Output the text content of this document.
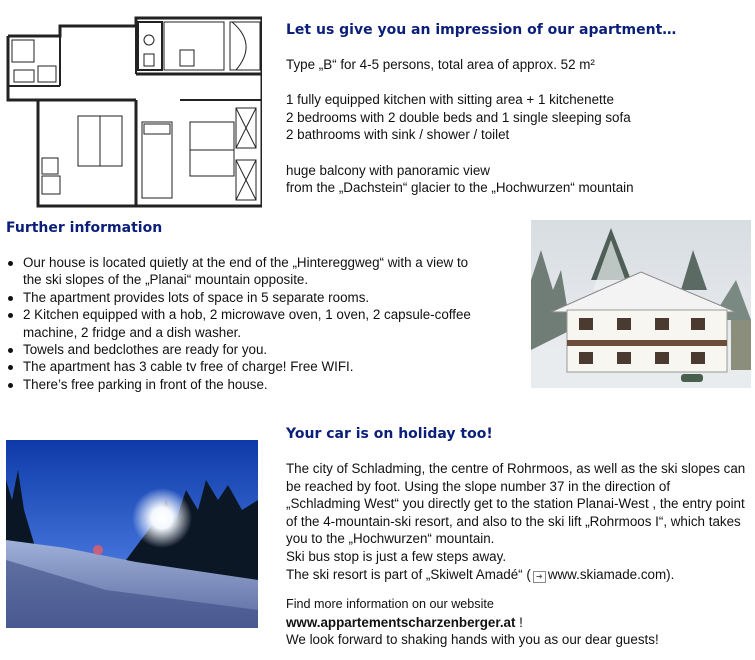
Let us give you an impression of our apartment…

Type „B“ for 4-5 persons, total area of approx. 52 m²

1 fully equipped kitchen with sitting area + 1 kitchenette

2 bedrooms with 2 double beds and 1 single sleeping sofa

2 bathrooms with sink / shower / toilet

huge balcony with panoramic view

from the „Dachstein“ glacier to the „Hochwurzen“ mountain

Further information
Our house is located quietly at the end of the „Hintereggweg“ with a view to the ski slopes of the „Planai“ mountain opposite.
The apartment provides lots of space in 5 separate rooms.
2 Kitchen equipped with a hob, 2 microwave oven, 1 oven, 2 capsule-coffee machine, 2 fridge and a dish washer.
Towels and bedclothes are ready for you.
The apartment has 3 cable tv free of charge! Free WIFI.
There’s free parking in front of the house.
Your car is on holiday too!

The city of Schladming, the centre of Rohrmoos, as well as the ski slopes can be reached by foot. Using the slope number 37 in the direction of „Schladming West“ you directly get to the station Planai-West , the entry point of the 4-mountain-ski resort, and also to the ski lift „Rohrmoos I“, which takes you to the „Hochwurzen“ mountain.

Ski bus stop is just a few steps away.

The ski resort is part of „Skiwelt Amadé“ ( ➔ www.skiamade.com).

Find more information on our website

www.appartementscharzenberger.at !

We look forward to shaking hands with you as our dear guests!
